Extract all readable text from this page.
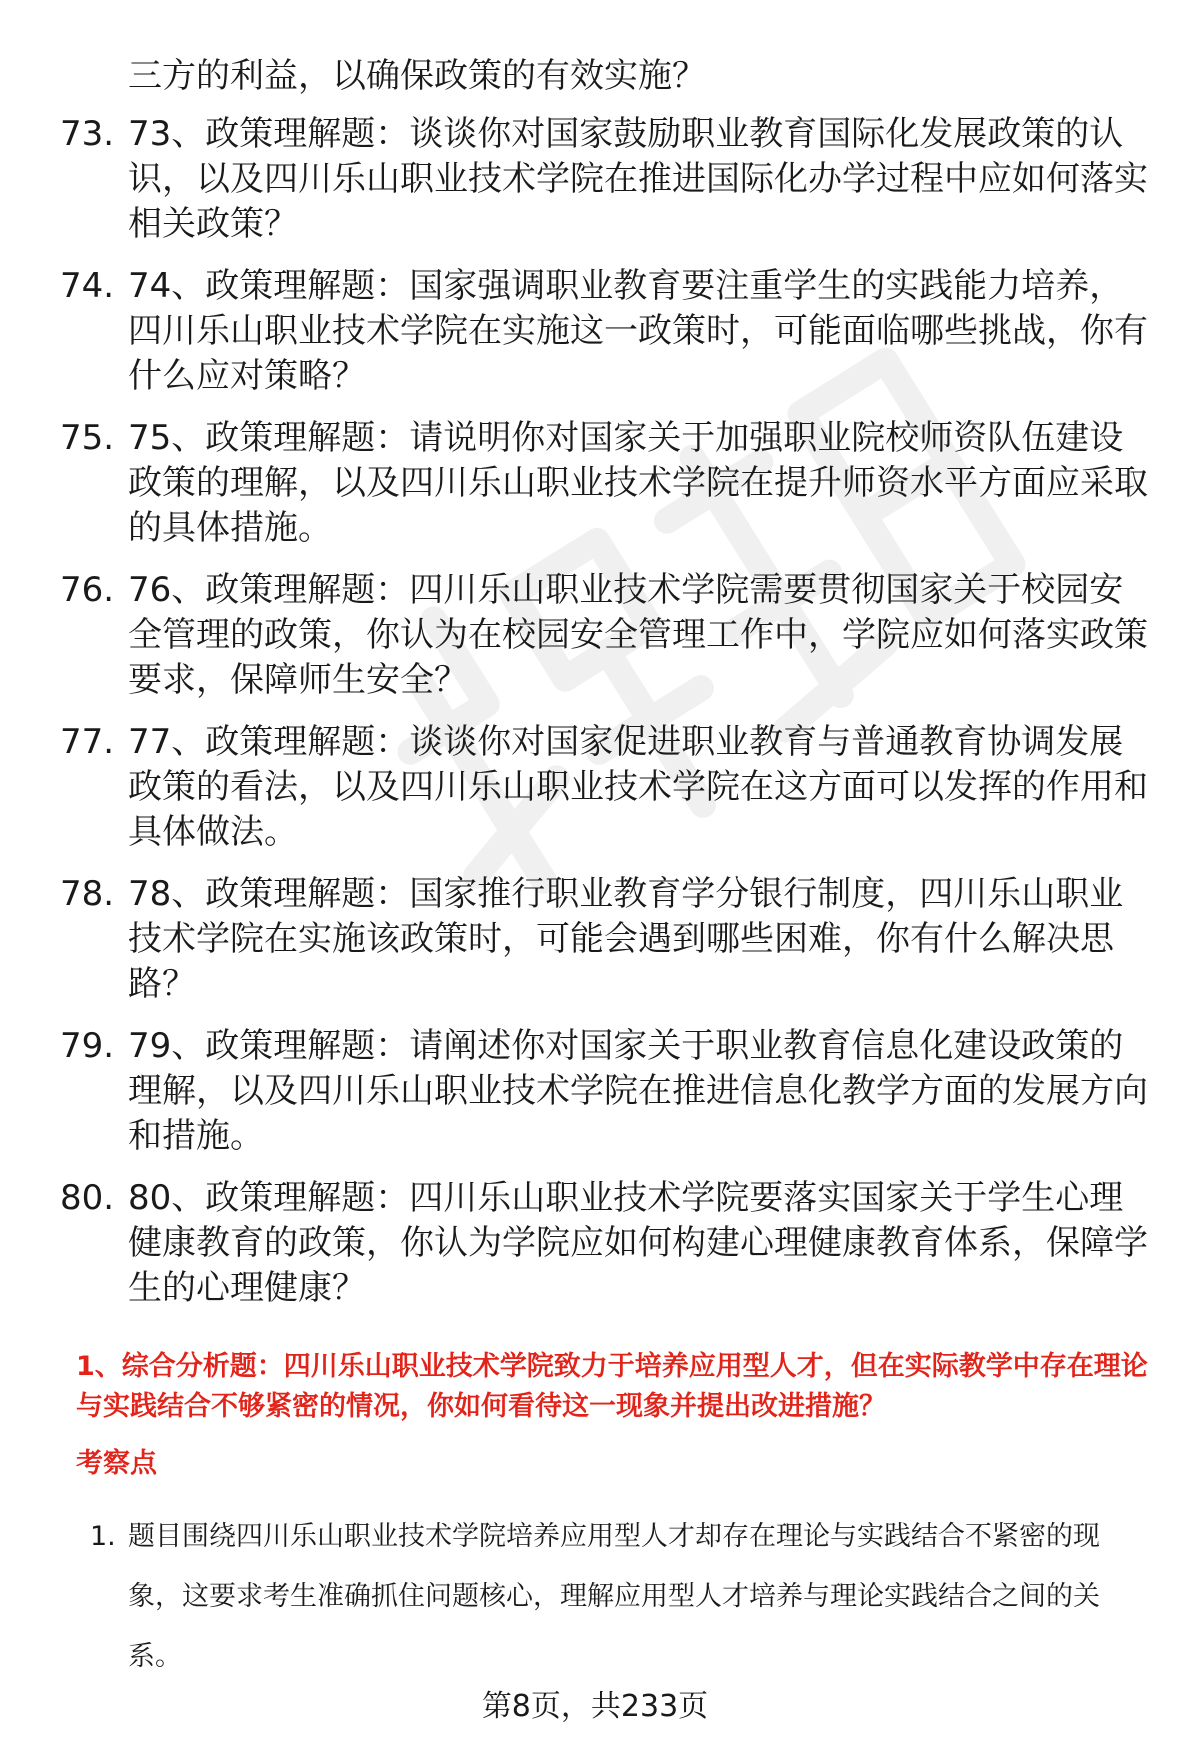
三方的利益，以确保政策的有效实施？
73. 73、政策理解题：谈谈你对国家鼓励职业教育国际化发展政策的认识，以及四川乐山职业技术学院在推进国际化办学过程中应如何落实相关政策？
74. 74、政策理解题：国家强调职业教育要注重学生的实践能力培养，四川乐山职业技术学院在实施这一政策时，可能面临哪些挑战，你有什么应对策略？
75. 75、政策理解题：请说明你对国家关于加强职业院校师资队伍建设政策的理解，以及四川乐山职业技术学院在提升师资水平方面应采取的具体措施。
76. 76、政策理解题：四川乐山职业技术学院需要贯彻国家关于校园安全管理的政策，你认为在校园安全管理工作中，学院应如何落实政策要求，保障师生安全？
77. 77、政策理解题：谈谈你对国家促进职业教育与普通教育协调发展政策的看法，以及四川乐山职业技术学院在这方面可以发挥的作用和具体做法。
78. 78、政策理解题：国家推行职业教育学分银行制度，四川乐山职业技术学院在实施该政策时，可能会遇到哪些困难，你有什么解决思路？
79. 79、政策理解题：请阐述你对国家关于职业教育信息化建设政策的理解，以及四川乐山职业技术学院在推进信息化教学方面的发展方向和措施。
80. 80、政策理解题：四川乐山职业技术学院要落实国家关于学生心理健康教育的政策，你认为学院应如何构建心理健康教育体系，保障学生的心理健康？
1、综合分析题：四川乐山职业技术学院致力于培养应用型人才，但在实际教学中存在理论与实践结合不够紧密的情况，你如何看待这一现象并提出改进措施？
考察点
1. 题目围绕四川乐山职业技术学院培养应用型人才却存在理论与实践结合不紧密的现象，这要求考生准确抓住问题核心，理解应用型人才培养与理论实践结合之间的关系。
第8页，共233页
